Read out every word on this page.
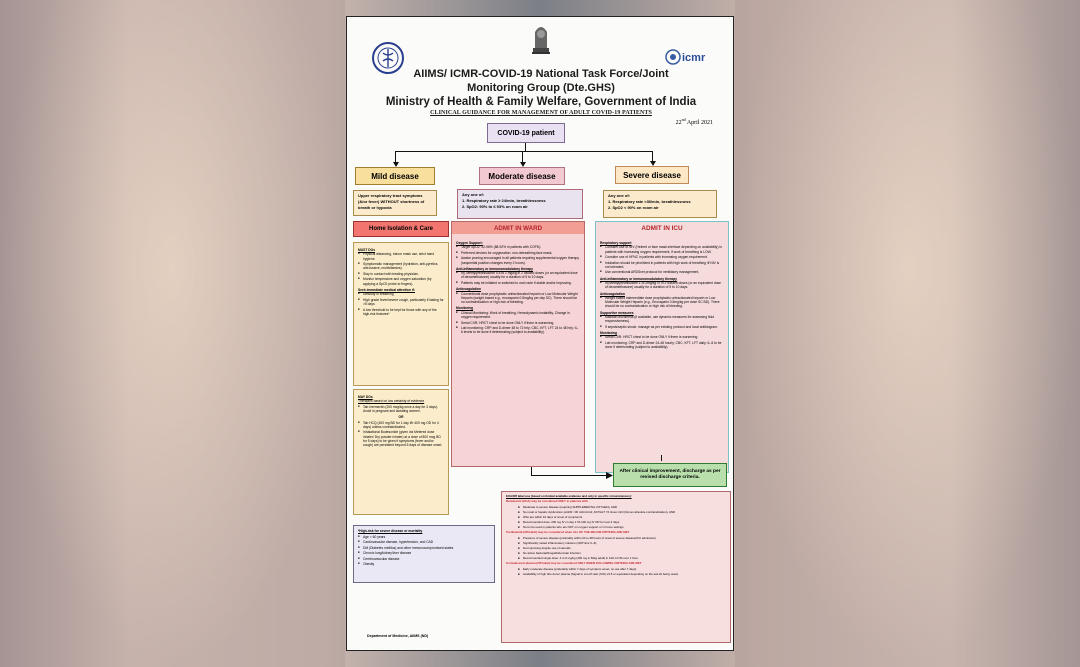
icmr
AIIMS/ ICMR-COVID-19 National Task Force/Joint
Monitoring Group (Dte.GHS)
Ministry of Health & Family Welfare, Government of India
CLINICAL GUIDANCE FOR MANAGEMENT OF ADULT COVID-19 PATIENTS
22nd April 2021
COVID-19 patient
Mild disease	Moderate disease	Severe disease
Upper respiratory tract symptoms (&/or fever) WITHOUT shortness of breath or hypoxia
Any one of:
1. Respiratory rate ≥ 24/min, breathlessness
2. SpO2: 90% to ≤ 93% on room air
Any one of:
1. Respiratory rate >30/min, breathlessness
2. SpO2 < 90% on room air
Home Isolation & Care
MUST DOs
■ Physical distancing, indoor mask use, strict hand hygiene.
■ Symptomatic management (hydration, anti-pyretics, anti-tussive, multivitamins).
■ Stay in contact with treating physician.
■ Monitor temperature and oxygen saturation (by applying a SpO2 probe to fingers).
Seek immediate medical attention if:
■ Difficulty in breathing
■ High grade fever/severe cough, particularly if lasting for >5 days
■ A low threshold to be kept for those with any of the high-risk features*
MAY DOs

Therapies based on low certainty of evidence

■ Tab Ivermectin (200 mcg/kg once a day for 3 days). Avoid in pregnant and lactating women.

OR

■ Tab HCQ (400 mg BD for 1 day f/b 400 mg OD for 4 days) unless contraindicated.
■ Inhalational Budesonide (given via Metered dose inhaler/ Dry powder inhaler) at a dose of 800 mcg BD for 5 days) to be given if symptoms (fever and/or cough) are persistent beyond 5 days of disease onset.
ADMIT IN WARD
Oxygen Support:
■ Target SpO2: 92-96% (88-92% in patients with COPD).
■ Preferred devices for oxygenation: non-rebreathing face mask.
■ Awake proning encouraged in all patients requiring supplemental oxygen therapy (sequential position changes every 2 hours).
Anti-inflammatory or immunomodulatory therapy
■ Inj. Methylprednisolone 0.5 to 1 mg/kg in 2 divided doses (or an equivalent dose of dexamethasone) usually for a duration of 5 to 10 days.
■ Patients may be initiated or switched to oral route if stable and/or improving.
Anticoagulation
■ Conventional dose prophylactic unfractionated heparin or Low Molecular Weight Heparin (weight based e.g., enoxaparin 0.5mg/kg per day SC). There should be no contraindication or high risk of bleeding.
Monitoring
■ Clinical Monitoring: Work of breathing, Hemodynamic instability, Change in oxygen requirement.
■ Serial CXR; HRCT chest to be done ONLY if there is worsening.
■ Lab monitoring: CRP and D-dimer 48 to 72 hrly; CBC, KFT, LFT 24 to 48 hrly; IL-6 levels to be done if deteriorating (subject to availability).
ADMIT IN ICU
Respiratory support
■ Consider use of NIV (Helmet or face mask interface depending on availability) in patients with increasing oxygen requirement, if work of breathing is LOW.
■ Consider use of HFNC in patients with increasing oxygen requirement.
■ Intubation should be prioritized in patients with high work of breathing /if NIV is not tolerated.
■ Use conventional ARDSnet protocol for ventilatory management.
Anti-inflammatory or immunomodulatory therapy
■ Inj Methylprednisolone 1 to 2mg/kg IV in 2 divided doses (or an equivalent dose of dexamethasone) usually for a duration of 5 to 10 days.
Anticoagulation
■ Weight based intermediate dose prophylactic unfractionated heparin or Low Molecular Weight Heparin (e.g., Enoxaparin 0.5mg/kg per dose SC BD). There should be no contraindication or high risk of bleeding.
Supportive measures
■ Maintain euvolemia (if available, use dynamic measures for assessing fluid responsiveness).
■ If sepsis/septic shock: manage as per existing protocol and local antibiogram.
Monitoring
■ Serial CXR; HRCT chest to be done ONLY if there is worsening.
■ Lab monitoring: CRP and D-dimer 24-48 hourly; CBC, KFT, LFT daily; IL-6 to be done if deteriorating (subject to availability).
After clinical improvement, discharge as per revised discharge criteria.

EUA/Off label use (based on limited available evidence and only in specific circumstances):

Remdesivir (EUA) may be considered ONLY in patients with

■ Moderate to severe disease (requiring SUPPLEMENTAL OXYGEN), AND
■ No renal or hepatic dysfunction (eGFR <30 ml/min/m2; AST/ALT >5 times ULN (Not an absolute contraindication), AND
■ Who are within 10 days of onset of symptom/s.
■ Recommended dose: 200 mg IV on day 1 f/b 100 mg IV OD for next 4 days.
■ Not to be used in patients who are NOT on oxygen support or in home settings

Tocilizumab (Off-label) may be considered when ALL OF THE BELOW CRITERIA ARE MET

■ Presence of severe disease (preferably within 24 to 48 hours of onset of severe disease/ICU admission).
■ Significantly raised inflammatory markers (CRP &/or IL-6).
■ Not improving despite use of steroids.
■ No active bacterial/fungal/tubercular infection.
■ Recommended single dose: 4 to 6 mg/kg (400 mg in 60kg adult) in 100 ml NS over 1 hour.

Convalescent plasma (Off label) may be considered ONLY WHEN FOLLOWING CRITERIA ARE MET

■ Early moderate disease (preferably within 7 days of symptom onset, no use after 7 days).
■ Availability of high titre donor plasma (Signal to cut-off ratio (S/O) ≥3.5 or equivalent depending on the test kit being used).

*High-risk for severe disease or mortality

■ Age > 60 years
■ Cardiovascular disease, hypertension, and CAD
■ DM (Diabetes mellitus) and other immunocompromised states
■ Chronic lung/kidney/liver disease
■ Cerebrovascular disease
■ Obesity
Department of Medicine, AIIMS (ND)
